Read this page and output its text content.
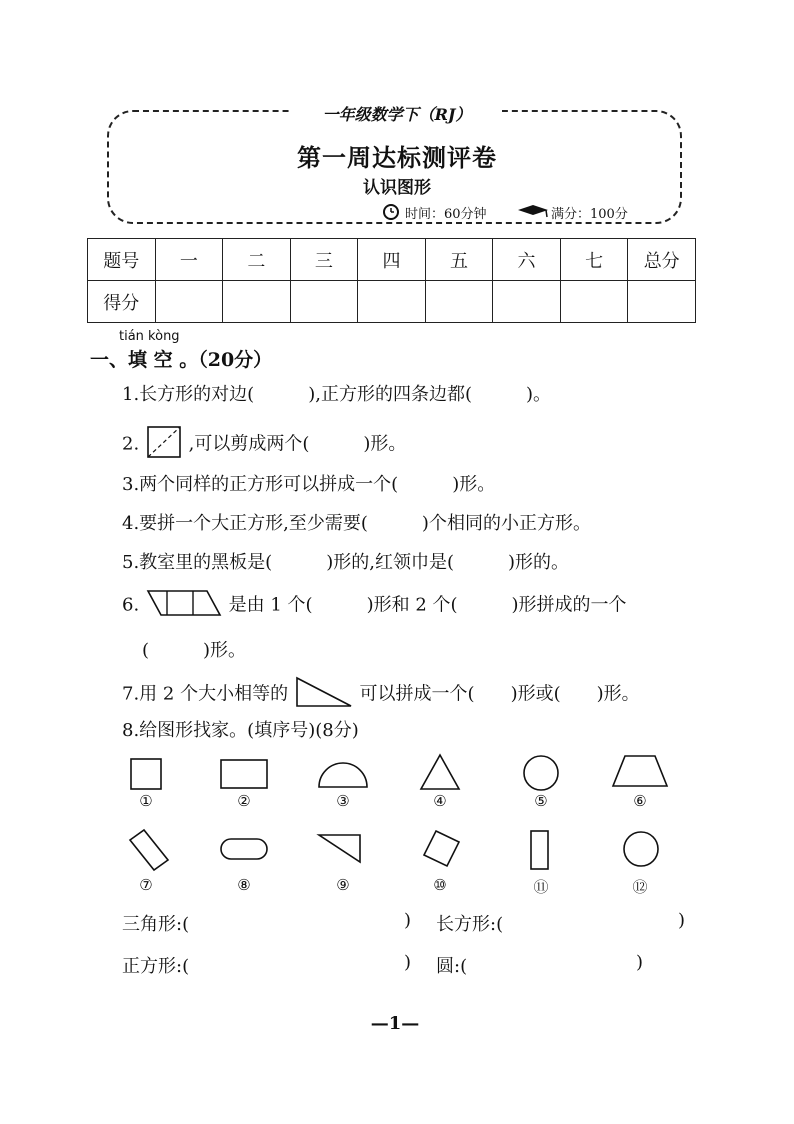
一年级数学下（RJ）
第一周达标测评卷
认识图形
时间：60分钟	满分：100分
题号	一	二	三	四	五	六	七	总分
得分								
tián kòng
一、填 空 。（20分）
1.长方形的对边(　　　),正方形的四条边都(　　　)。
2.	,可以剪成两个(　　　)形。
3.两个同样的正方形可以拼成一个(　　　)形。
4.要拼一个大正方形,至少需要(　　　)个相同的小正方形。
5.教室里的黑板是(　　　)形的,红领巾是(　　　)形的。
6.	是由 1 个(　　　)形和 2 个(　　　)形拼成的一个
(　　　)形。
7.用 2 个大小相等的	可以拼成一个(　　)形或(　　)形。
8.给图形找家。(填序号)(8分)
①	②	③	④	⑤	⑥
⑦	⑧	⑨	⑩	⑪	⑫
三角形:(	) 长方形:(	)
正方形:(	) 圆:(	)
—1—
